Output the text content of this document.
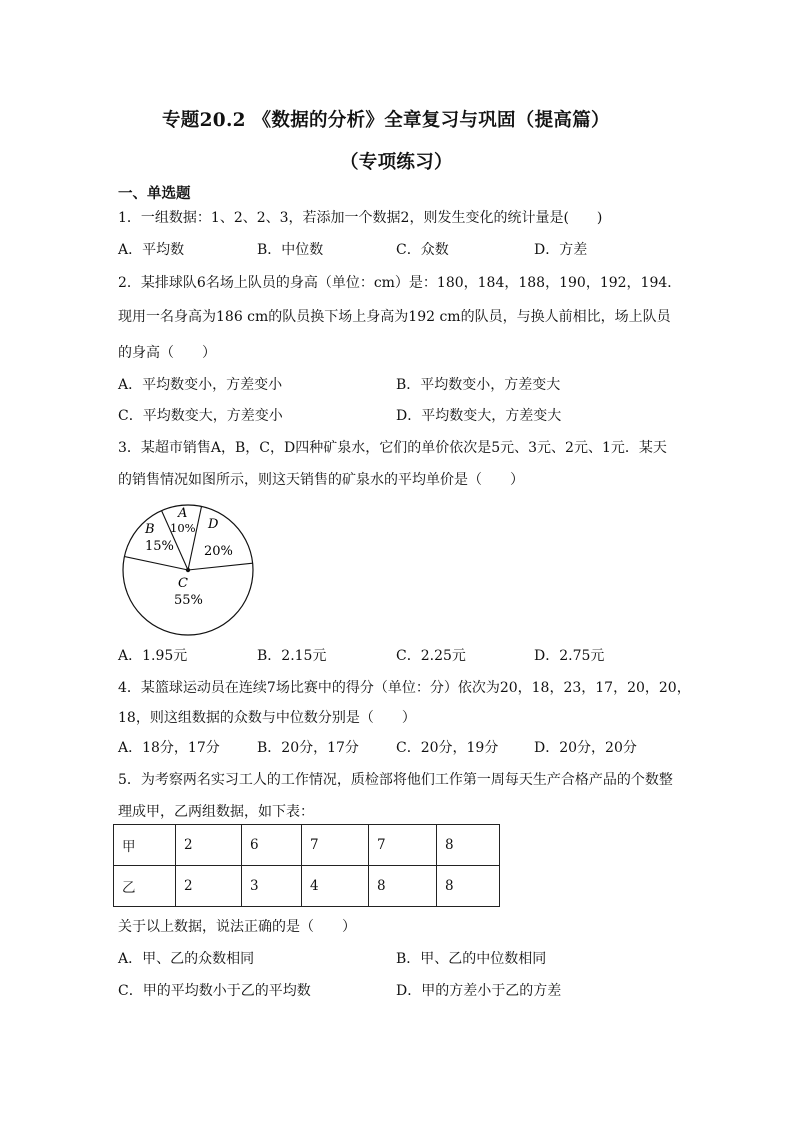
专题20.2 《数据的分析》全章复习与巩固（提高篇）
（专项练习）
一、单选题
1．一组数据：1、2、2、3，若添加一个数据2，则发生变化的统计量是(　　)
A．平均数	B．中位数	C．众数	D．方差
2．某排球队6名场上队员的身高（单位：cm）是：180，184，188，190，192，194．
现用一名身高为186 cm的队员换下场上身高为192 cm的队员，与换人前相比，场上队员
的身高（　　）
A．平均数变小，方差变小	B．平均数变小，方差变大
C．平均数变大，方差变小	D．平均数变大，方差变大
3．某超市销售A，B，C，D四种矿泉水，它们的单价依次是5元、3元、2元、1元．某天
的销售情况如图所示，则这天销售的矿泉水的平均单价是（　　）
A
10%
B
15%
D
20%
C
55%
A．1.95元	B．2.15元	C．2.25元	D．2.75元
4．某篮球运动员在连续7场比赛中的得分（单位：分）依次为20，18，23，17，20，20，
18，则这组数据的众数与中位数分别是（　　）
A．18分，17分	B．20分，17分	C．20分，19分	D．20分，20分
5．为考察两名实习工人的工作情况，质检部将他们工作第一周每天生产合格产品的个数整
理成甲，乙两组数据，如下表：
甲	2	6	7	7	8
乙	2	3	4	8	8
关于以上数据，说法正确的是（　　）
A．甲、乙的众数相同	B．甲、乙的中位数相同
C．甲的平均数小于乙的平均数	D．甲的方差小于乙的方差
